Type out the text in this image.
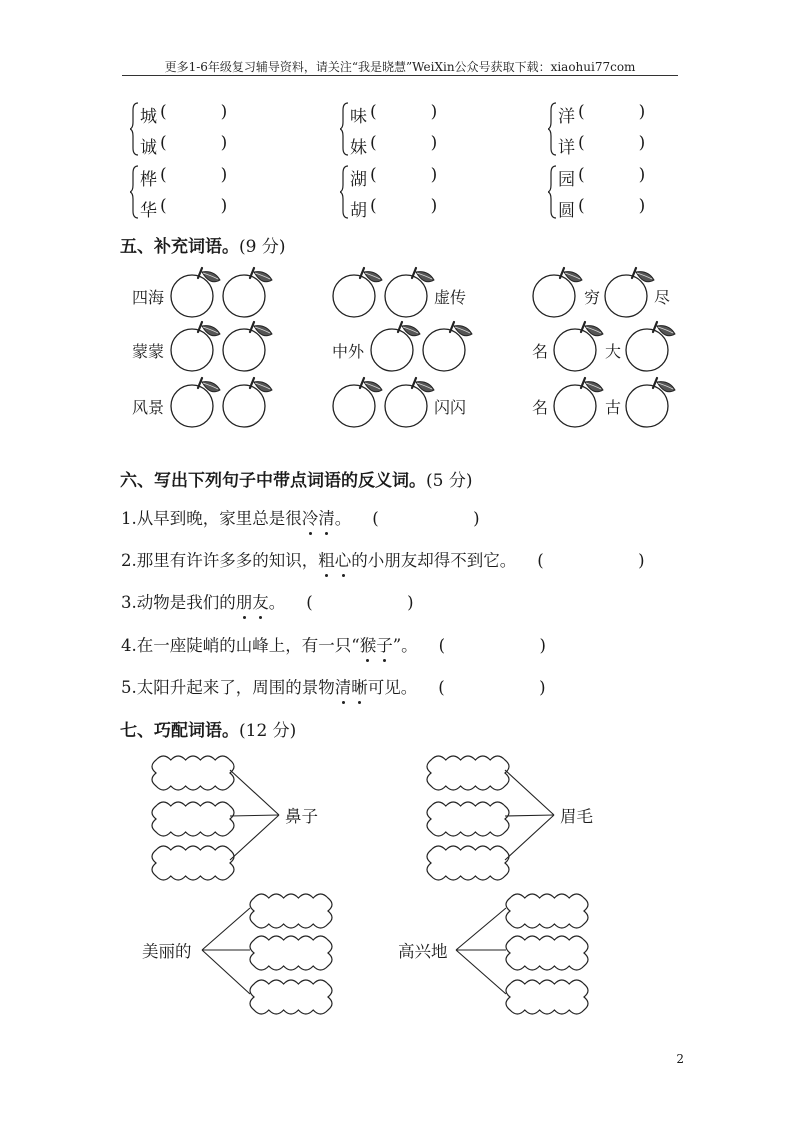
更多1-6年级复习辅导资料，请关注“我是晓慧”WeiXin公众号获取下载：xiaohui77com
城 (          )
诚 (          )
味 (          )
妹 (          )
洋 (          )
详 (          )
桦 (          )
华 (          )
湖 (          )
胡 (          )
园 (          )
圆 (          )
五、补充词语。(9 分)
四海	虚传	穷	尽
蒙蒙	中外	名	大
风景	闪闪	名	古
六、写出下列句子中带点词语的反义词。(5 分)
1.从早到晚，家里总是很冷清。    (                  )
2.那里有许许多多的知识，粗心的小朋友却得不到它。    (                  )
3.动物是我们的朋友。    (                  )
4.在一座陡峭的山峰上，有一只“猴子”。    (                  )
5.太阳升起来了，周围的景物清晰可见。    (                  )
七、巧配词语。(12 分)
鼻子	眉毛
美丽的	高兴地
2
